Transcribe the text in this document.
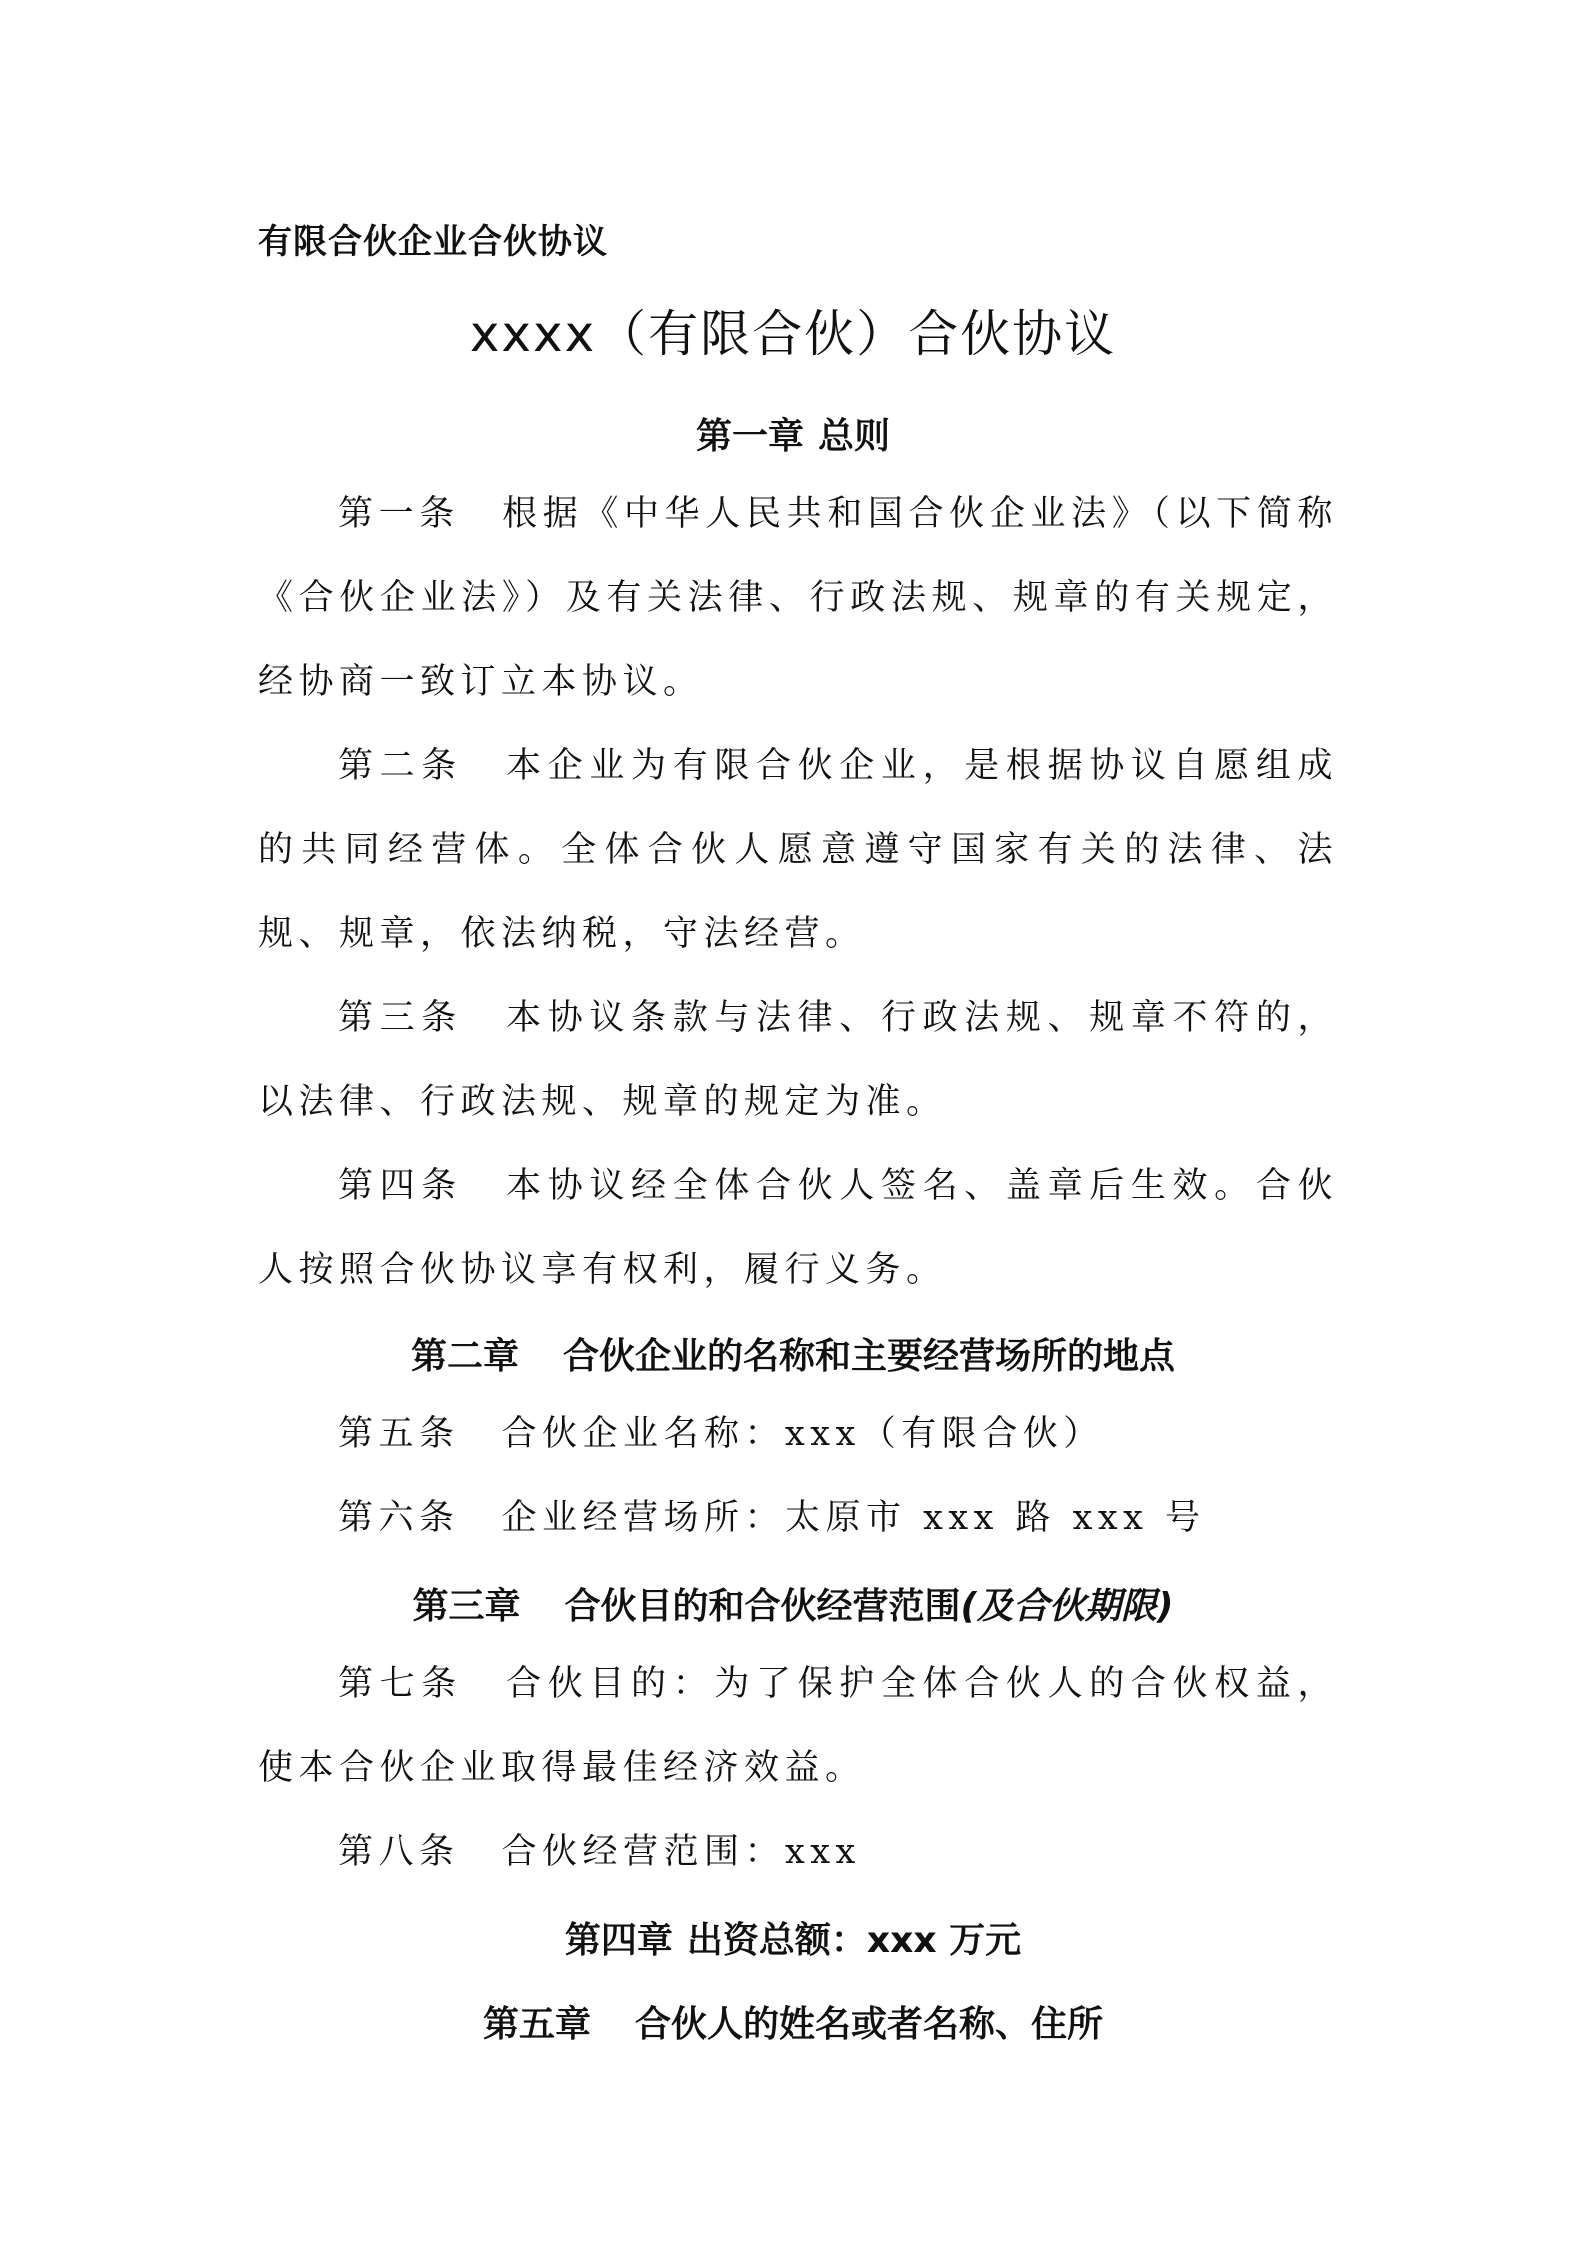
有限合伙企业合伙协议
xxxx（有限合伙）合伙协议
第一章 总则

第一条 根据《中华人民共和国合伙企业法》（以下简称《合伙企业法》）及有关法律、行政法规、规章的有关规定，经协商一致订立本协议。

第二条 本企业为有限合伙企业，是根据协议自愿组成的共同经营体。全体合伙人愿意遵守国家有关的法律、法规、规章，依法纳税，守法经营。

第三条 本协议条款与法律、行政法规、规章不符的，以法律、行政法规、规章的规定为准。

第四条 本协议经全体合伙人签名、盖章后生效。合伙人按照合伙协议享有权利，履行义务。

第二章 合伙企业的名称和主要经营场所的地点

第五条 合伙企业名称：xxx（有限合伙）

第六条 企业经营场所：太原市 xxx 路 xxx 号

第三章 合伙目的和合伙经营范围(及合伙期限)

第七条 合伙目的：为了保护全体合伙人的合伙权益，使本合伙企业取得最佳经济效益。

第八条 合伙经营范围：xxx

第四章 出资总额：xxx 万元
第五章 合伙人的姓名或者名称、住所
